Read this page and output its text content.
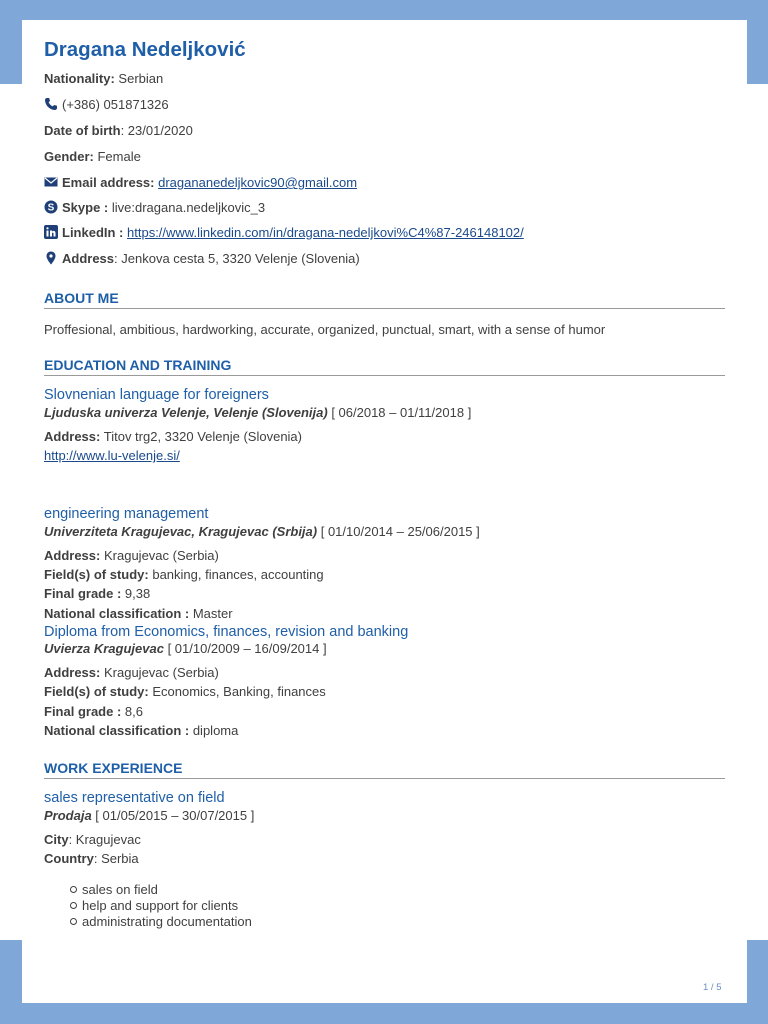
Dragana Nedeljković
Nationality: Serbian
(+386) 051871326
Date of birth: 23/01/2020
Gender: Female
Email address: dragananedeljkovic90@gmail.com
S Skype : live:dragana.nedeljkovic_3
LinkedIn : https://www.linkedin.com/in/dragana-nedeljkovi%C4%87-246148102/
Address: Jenkova cesta 5, 3320 Velenje (Slovenia)
ABOUT ME
Proffesional, ambitious, hardworking, accurate, organized, punctual, smart, with a sense of humor
EDUCATION AND TRAINING
Slovnenian language for foreigners
Ljuduska univerza Velenje, Velenje (Slovenija) [ 06/2018 – 01/11/2018 ]
Address: Titov trg2, 3320 Velenje (Slovenia)
http://www.lu-velenje.si/
engineering management
Univerziteta Kragujevac, Kragujevac (Srbija) [ 01/10/2014 – 25/06/2015 ]
Address: Kragujevac (Serbia)
Field(s) of study: banking, finances, accounting
Final grade : 9,38
National classification : Master
Diploma from Economics, finances, revision and banking
Uvierza Kragujevac [ 01/10/2009 – 16/09/2014 ]
Address: Kragujevac (Serbia)
Field(s) of study: Economics, Banking, finances
Final grade : 8,6
National classification : diploma
WORK EXPERIENCE
sales representative on field
Prodaja [ 01/05/2015 – 30/07/2015 ]
City: Kragujevac
Country: Serbia
sales on field
help and support for clients
administrating documentation
1 / 5
